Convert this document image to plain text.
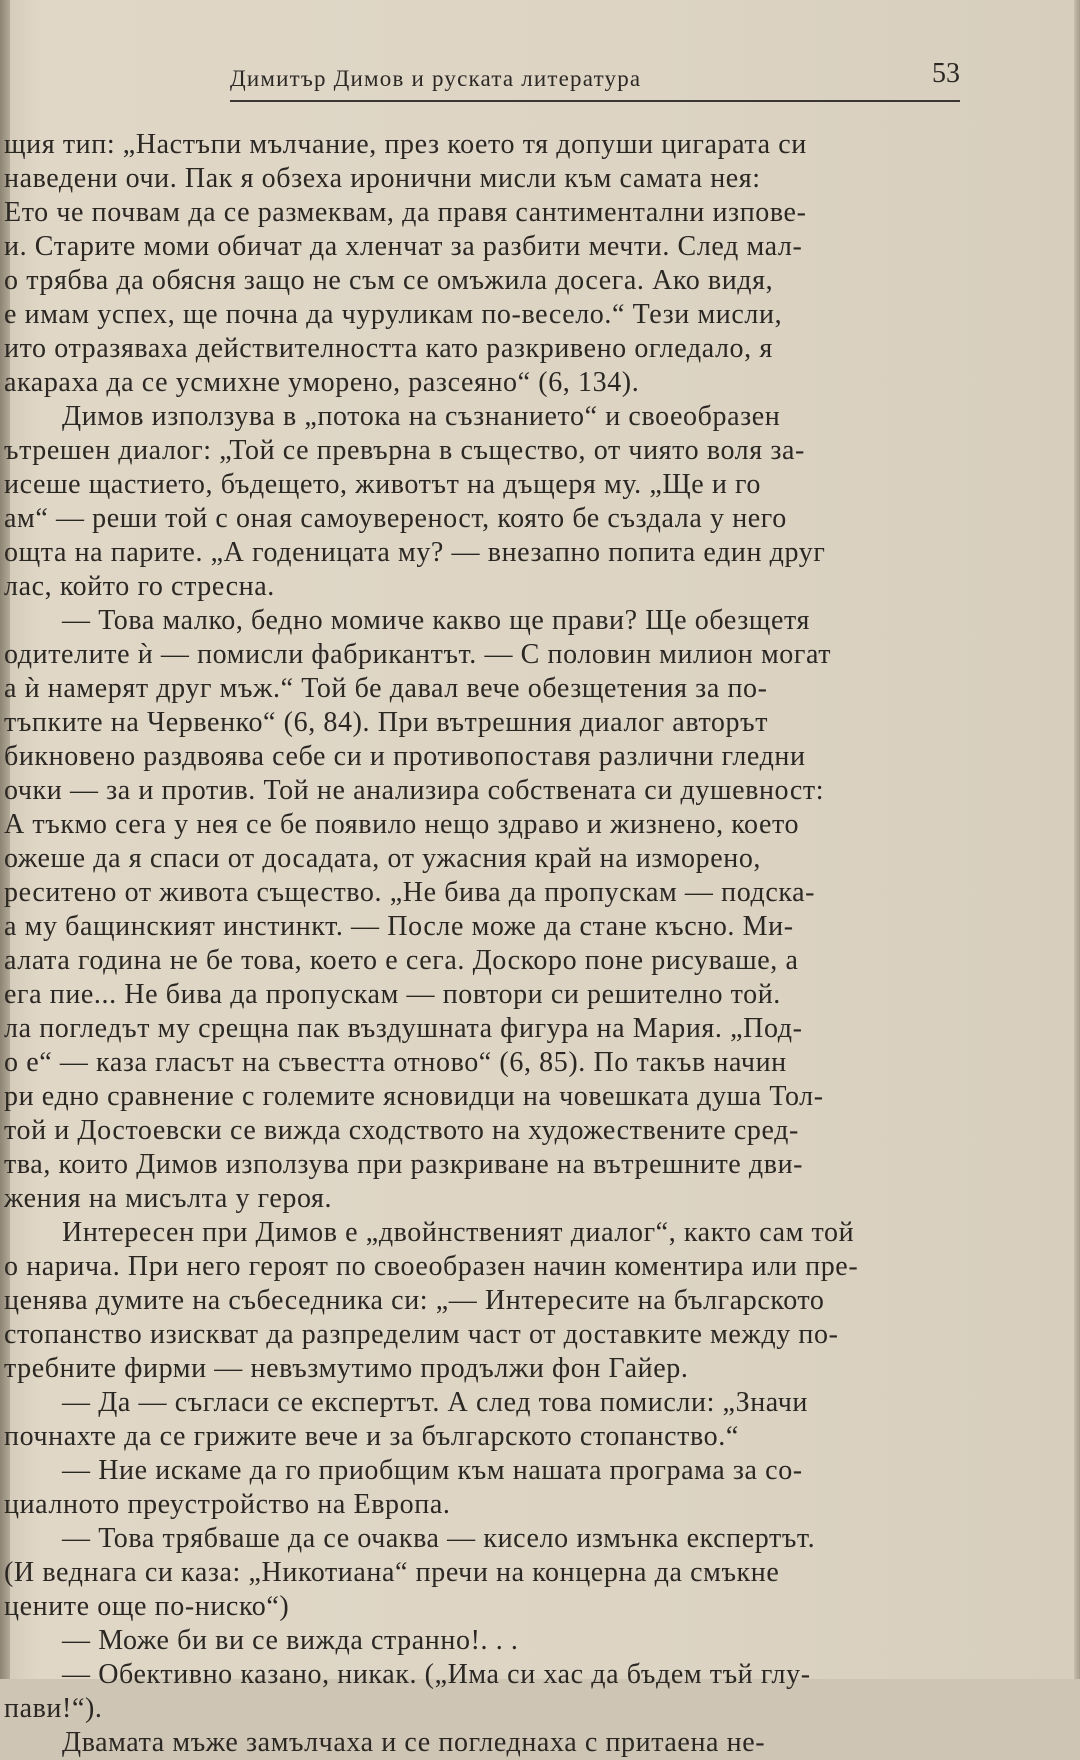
Димитър Димов и руската литература	53
щия тип: „Настъпи мълчание, през което тя допуши цигарата си
наведени очи. Пак я обзеха иронични мисли към самата нея:
Ето че почвам да се размеквам, да правя сантиментални изпове-
и. Старите моми обичат да хленчат за разбити мечти. След мал-
о трябва да обясня защо не съм се омъжила досега. Ако видя,
е имам успех, ще почна да чуруликам по-весело.“ Тези мисли,
ито отразяваха действителността като разкривено огледало, я
акараха да се усмихне уморено, разсеяно“ (6, 134).
Димов използува в „потока на съзнанието“ и своеобразен
ътрешен диалог: „Той се превърна в същество, от чиято воля за-
исеше щастието, бъдещето, животът на дъщеря му. „Ще и го
ам“ — реши той с оная самоувереност, която бе създала у него
ощта на парите. „А годеницата му? — внезапно попита един друг
лас, който го стресна.
— Това малко, бедно момиче какво ще прави? Ще обезщетя
одителите ѝ — помисли фабрикантът. — С половин милион могат
а ѝ намерят друг мъж.“ Той бе давал вече обезщетения за по-
тъпките на Червенко“ (6, 84). При вътрешния диалог авторът
бикновено раздвоява себе си и противопоставя различни гледни
очки — за и против. Той не анализира собствената си душевност:
А тъкмо сега у нея се бе появило нещо здраво и жизнено, което
ожеше да я спаси от досадата, от ужасния край на изморено,
реситено от живота същество. „Не бива да пропускам — подска-
а му бащинският инстинкт. — После може да стане късно. Ми-
алата година не бе това, което е сега. Доскоро поне рисуваше, а
ега пие... Не бива да пропускам — повтори си решително той.
ла погледът му срещна пак въздушната фигура на Мария. „Под-
о е“ — каза гласът на съвестта отново“ (6, 85). По такъв начин
ри едно сравнение с големите ясновидци на човешката душа Тол-
той и Достоевски се вижда сходството на художествените сред-
тва, които Димов използува при разкриване на вътрешните дви-
жения на мисълта у героя.
Интересен при Димов е „двойнственият диалог“, както сам той
о нарича. При него героят по своеобразен начин коментира или пре-
ценява думите на събеседника си: „— Интересите на българското
стопанство изискват да разпределим част от доставките между по-
требните фирми — невъзмутимо продължи фон Гайер.
— Да — съгласи се експертът. А след това помисли: „Значи
почнахте да се грижите вече и за българското стопанство.“
— Ние искаме да го приобщим към нашата програма за со-
циалното преустройство на Европа.
— Това трябваше да се очаква — кисело измънка експертът.
(И веднага си каза: „Никотиана“ пречи на концерна да смъкне
цените още по-ниско“)
— Може би ви се вижда странно!. . .
— Обективно казано, никак. („Има си хас да бъдем тъй глу-
пави!“).
Двамата мъже замълчаха и се погледнаха с притаена не-
